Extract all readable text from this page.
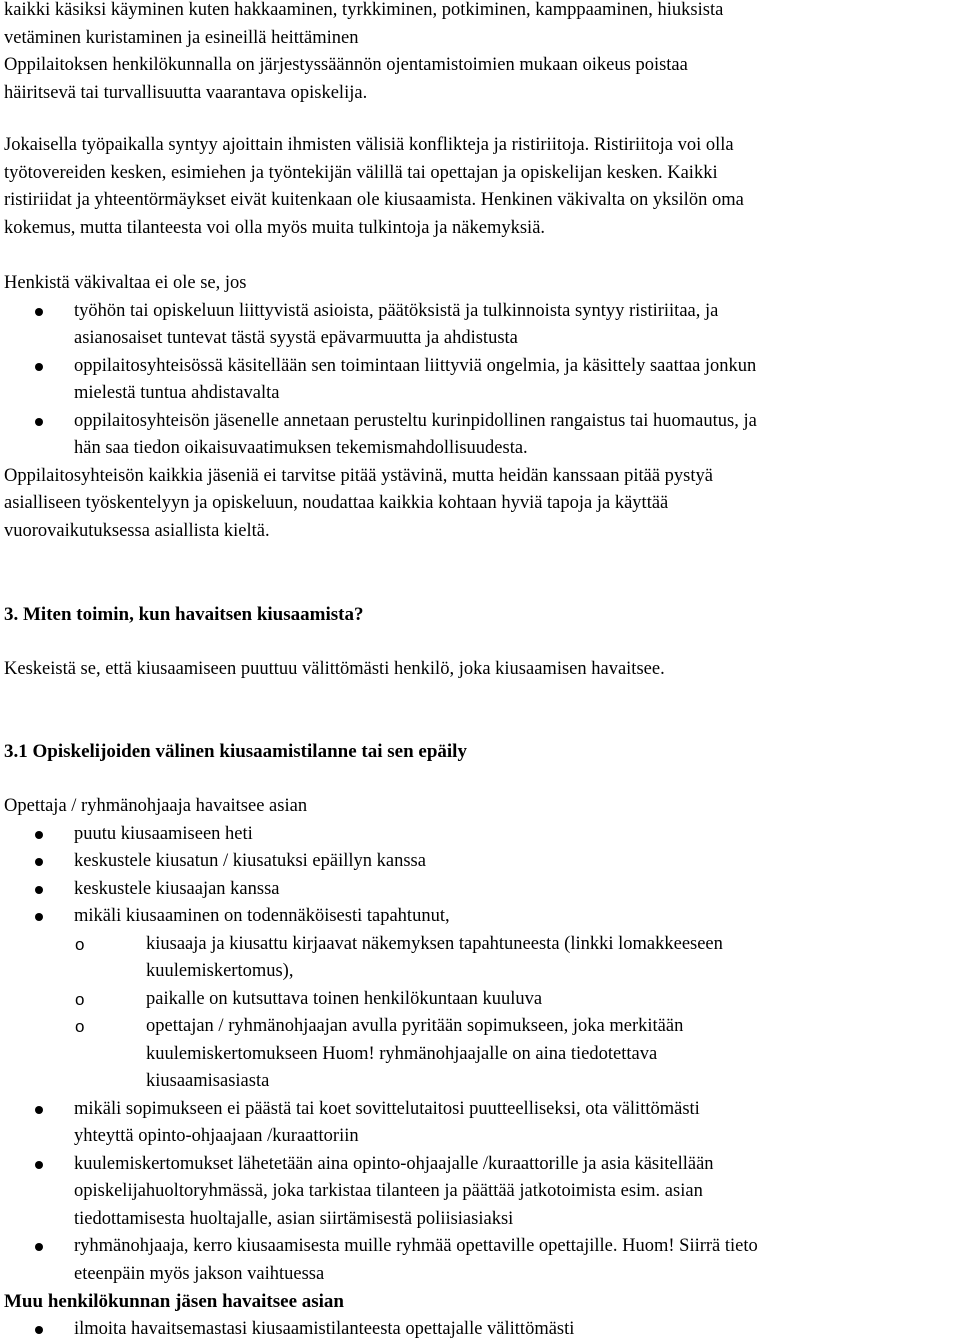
kaikki käsiksi käyminen kuten hakkaaminen, tyrkkiminen, potkiminen, kamppaaminen, hiuksista
vetäminen kuristaminen ja esineillä heittäminen
Oppilaitoksen henkilökunnalla on järjestyssäännön ojentamistoimien mukaan oikeus poistaa
häiritsevä tai turvallisuutta vaarantava opiskelija.
Jokaisella työpaikalla syntyy ajoittain ihmisten välisiä konflikteja ja ristiriitoja. Ristiriitoja voi olla
työtovereiden kesken, esimiehen ja työntekijän välillä tai opettajan ja opiskelijan kesken. Kaikki
ristiriidat ja yhteentörmäykset eivät kuitenkaan ole kiusaamista. Henkinen väkivalta on yksilön oma
kokemus, mutta tilanteesta voi olla myös muita tulkintoja ja näkemyksiä.
Henkistä väkivaltaa ei ole se, jos
työhön tai opiskeluun liittyvistä asioista, päätöksistä ja tulkinnoista syntyy ristiriitaa, ja
asianosaiset tuntevat tästä syystä epävarmuutta ja ahdistusta
oppilaitosyhteisössä käsitellään sen toimintaan liittyviä ongelmia, ja käsittely saattaa jonkun
mielestä tuntua ahdistavalta
oppilaitosyhteisön jäsenelle annetaan perusteltu kurinpidollinen rangaistus tai huomautus, ja
hän saa tiedon oikaisuvaatimuksen tekemismahdollisuudesta.
Oppilaitosyhteisön kaikkia jäseniä ei tarvitse pitää ystävinä, mutta heidän kanssaan pitää pystyä
asialliseen työskentelyyn ja opiskeluun, noudattaa kaikkia kohtaan hyviä tapoja ja käyttää
vuorovaikutuksessa asiallista kieltä.
3. Miten toimin, kun havaitsen kiusaamista?
Keskeistä se, että kiusaamiseen puuttuu välittömästi henkilö, joka kiusaamisen havaitsee.
3.1 Opiskelijoiden välinen kiusaamistilanne tai sen epäily
Opettaja / ryhmänohjaaja havaitsee asian
puutu kiusaamiseen heti
keskustele kiusatun / kiusatuksi epäillyn kanssa
keskustele kiusaajan kanssa
mikäli kiusaaminen on todennäköisesti tapahtunut,
o	kiusaaja ja kiusattu kirjaavat näkemyksen tapahtuneesta (linkki lomakkeeseen
kuulemiskertomus),
o	paikalle on kutsuttava toinen henkilökuntaan kuuluva
o	opettajan / ryhmänohjaajan avulla pyritään sopimukseen, joka merkitään
kuulemiskertomukseen Huom! ryhmänohjaajalle on aina tiedotettava
kiusaamisasiasta
mikäli sopimukseen ei päästä tai koet sovittelutaitosi puutteelliseksi, ota välittömästi
yhteyttä opinto-ohjaajaan /kuraattoriin
kuulemiskertomukset lähetetään aina opinto-ohjaajalle /kuraattorille ja asia käsitellään
opiskelijahuoltoryhmässä, joka tarkistaa tilanteen ja päättää jatkotoimista esim. asian
tiedottamisesta huoltajalle, asian siirtämisestä poliisiasiaksi
ryhmänohjaaja, kerro kiusaamisesta muille ryhmää opettaville opettajille. Huom! Siirrä tieto
eteenpäin myös jakson vaihtuessa
Muu henkilökunnan jäsen havaitsee asian
ilmoita havaitsemastasi kiusaamistilanteesta opettajalle välittömästi
